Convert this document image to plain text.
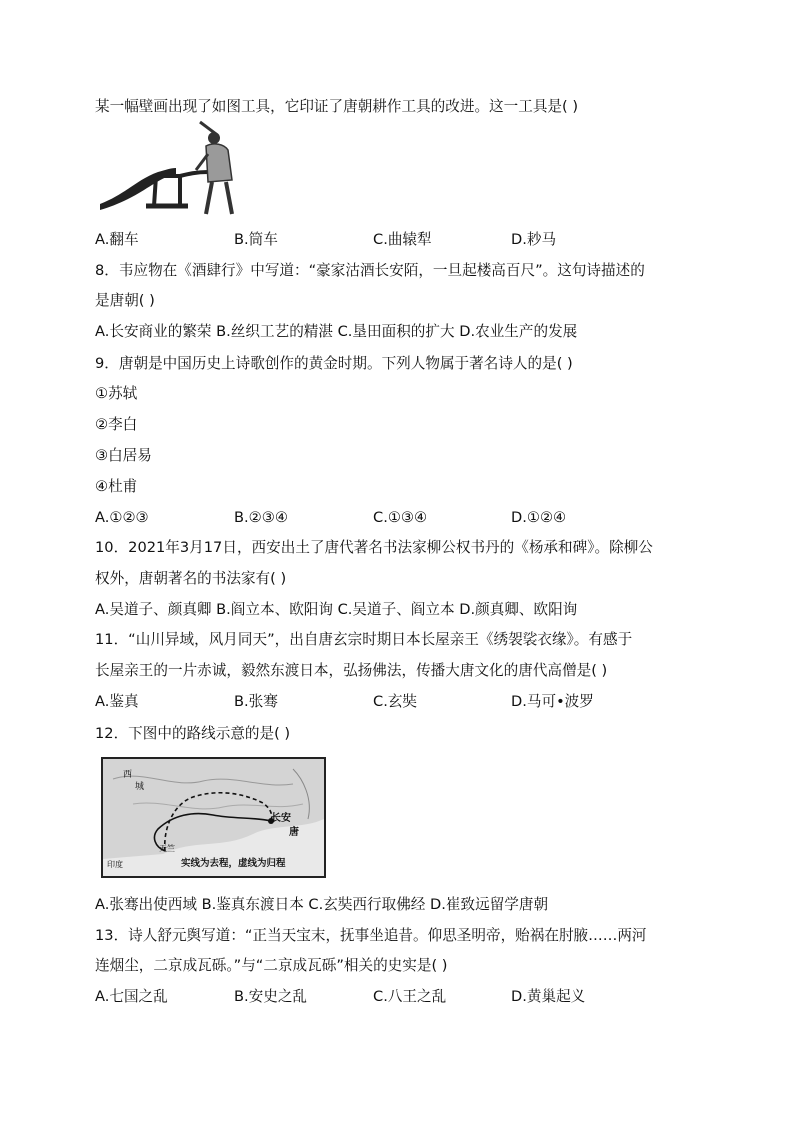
某一幅壁画出现了如图工具，它印证了唐朝耕作工具的改进。这一工具是( )
A.翻车	B.筒车	C.曲辕犁	D.耖马
8．韦应物在《酒肆行》中写道：“豪家沽酒长安陌，一旦起楼高百尺”。这句诗描述的
是唐朝( )
A.长安商业的繁荣 B.丝织工艺的精湛 C.垦田面积的扩大 D.农业生产的发展
9．唐朝是中国历史上诗歌创作的黄金时期。下列人物属于著名诗人的是( )
①苏轼
②李白
③白居易
④杜甫
A.①②③	B.②③④	C.①③④	D.①②④
10．2021年3月17日，西安出土了唐代著名书法家柳公权书丹的《杨承和碑》。除柳公
权外，唐朝著名的书法家有( )
A.吴道子、颜真卿 B.阎立本、欧阳询 C.吴道子、阎立本 D.颜真卿、欧阳询
11．“山川异域，风月同天”，出自唐玄宗时期日本长屋亲王《绣袈裟衣缘》。有感于
长屋亲王的一片赤诚，毅然东渡日本，弘扬佛法，传播大唐文化的唐代高僧是( )
A.鉴真	B.张骞	C.玄奘	D.马可•波罗
12．下图中的路线示意的是( )
西
城
长安
唐
天竺
印度	实线为去程，虚线为归程
A.张骞出使西域 B.鉴真东渡日本 C.玄奘西行取佛经 D.崔致远留学唐朝
13．诗人舒元舆写道：“正当天宝末，抚事坐追昔。仰思圣明帝，贻祸在肘腋……两河
连烟尘，二京成瓦砾。”与“二京成瓦砾”相关的史实是( )
A.七国之乱	B.安史之乱	C.八王之乱	D.黄巢起义
